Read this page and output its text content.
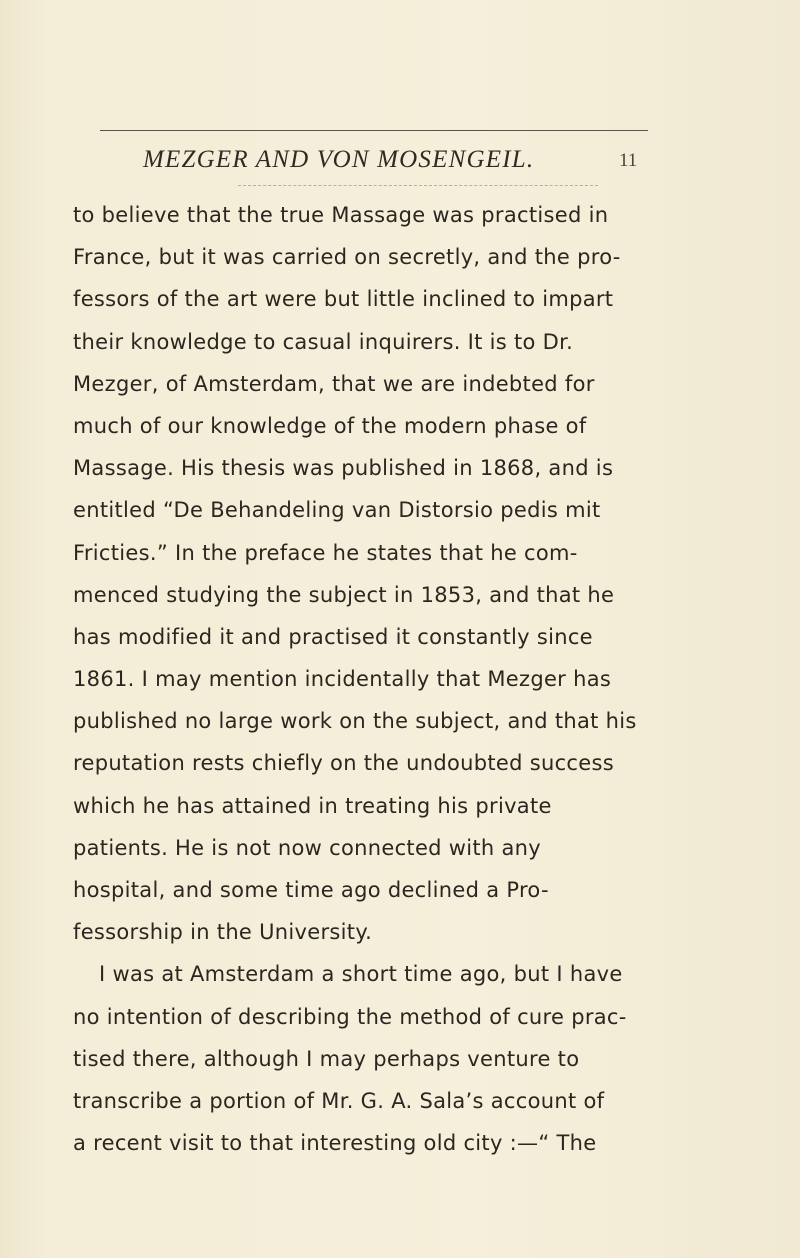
MEZGER AND VON MOSENGEIL.	11
to believe that the true Massage was practised in
France, but it was carried on secretly, and the pro-
fessors of the art were but little inclined to impart
their knowledge to casual inquirers. It is to Dr.
Mezger, of Amsterdam, that we are indebted for
much of our knowledge of the modern phase of
Massage. His thesis was published in 1868, and is
entitled “De Behandeling van Distorsio pedis mit
Fricties.” In the preface he states that he com-
menced studying the subject in 1853, and that he
has modified it and practised it constantly since
1861. I may mention incidentally that Mezger has
published no large work on the subject, and that his
reputation rests chiefly on the undoubted success
which he has attained in treating his private
patients. He is not now connected with any
hospital, and some time ago declined a Pro-
fessorship in the University.
I was at Amsterdam a short time ago, but I have
no intention of describing the method of cure prac-
tised there, although I may perhaps venture to
transcribe a portion of Mr. G. A. Sala’s account of
a recent visit to that interesting old city :—“ The
